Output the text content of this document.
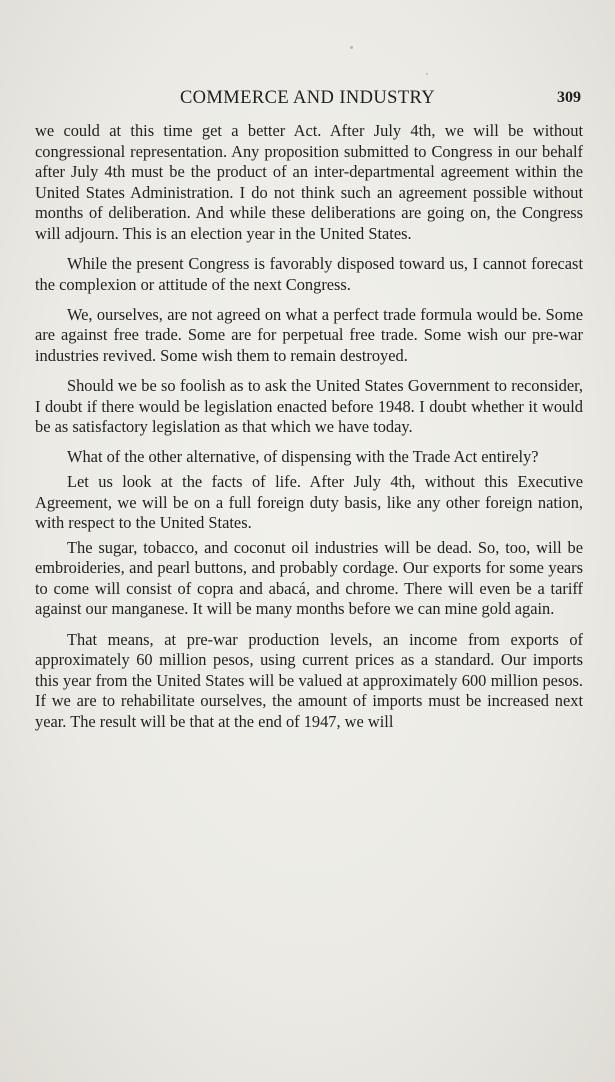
COMMERCE AND INDUSTRY	309

we could at this time get a better Act. After July 4th, we will be without congressional representation. Any proposition submitted to Congress in our behalf after July 4th must be the product of an inter-departmental agreement within the United States Administration. I do not think such an agreement possible without months of deliberation. And while these deliberations are going on, the Congress will adjourn. This is an election year in the United States.

While the present Congress is favorably disposed toward us, I cannot forecast the complexion or attitude of the next Congress.

We, ourselves, are not agreed on what a perfect trade formula would be. Some are against free trade. Some are for perpetual free trade. Some wish our pre-war industries revived. Some wish them to remain destroyed.

Should we be so foolish as to ask the United States Government to reconsider, I doubt if there would be legislation enacted before 1948. I doubt whether it would be as satisfactory legislation as that which we have today.

What of the other alternative, of dispensing with the Trade Act entirely?

Let us look at the facts of life. After July 4th, without this Executive Agreement, we will be on a full foreign duty basis, like any other foreign nation, with respect to the United States.

The sugar, tobacco, and coconut oil industries will be dead. So, too, will be embroideries, and pearl buttons, and probably cordage. Our exports for some years to come will consist of copra and abacá, and chrome. There will even be a tariff against our manganese. It will be many months before we can mine gold again.

That means, at pre-war production levels, an income from exports of approximately 60 million pesos, using current prices as a standard. Our imports this year from the United States will be valued at approximately 600 million pesos. If we are to rehabilitate ourselves, the amount of imports must be increased next year. The result will be that at the end of 1947, we will
